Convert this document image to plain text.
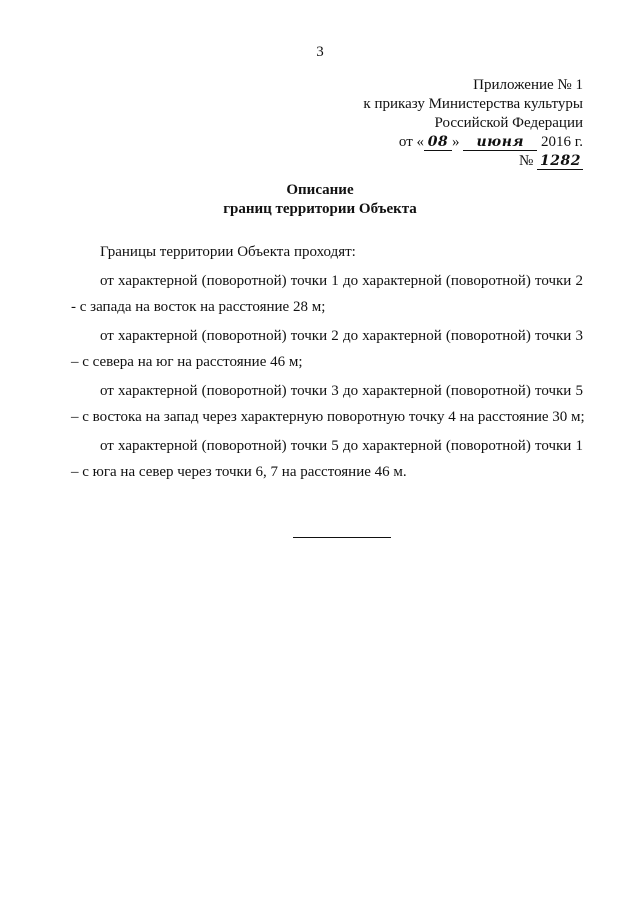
3
Приложение № 1
к приказу Министерства культуры
Российской Федерации
от « 08 » июня 2016 г.
№ 1282
Описание
границ территории Объекта

Границы территории Объекта проходят:

от характерной (поворотной) точки 1 до характерной (поворотной) точки 2
- с запада на восток на расстояние 28 м;

от характерной (поворотной) точки 2 до характерной (поворотной) точки 3
– с севера на юг на расстояние 46 м;

от характерной (поворотной) точки 3 до характерной (поворотной) точки 5
– с востока на запад через характерную поворотную точку 4 на расстояние 30 м;

от характерной (поворотной) точки 5 до характерной (поворотной) точки 1
– с юга на север через точки 6, 7 на расстояние 46 м.
